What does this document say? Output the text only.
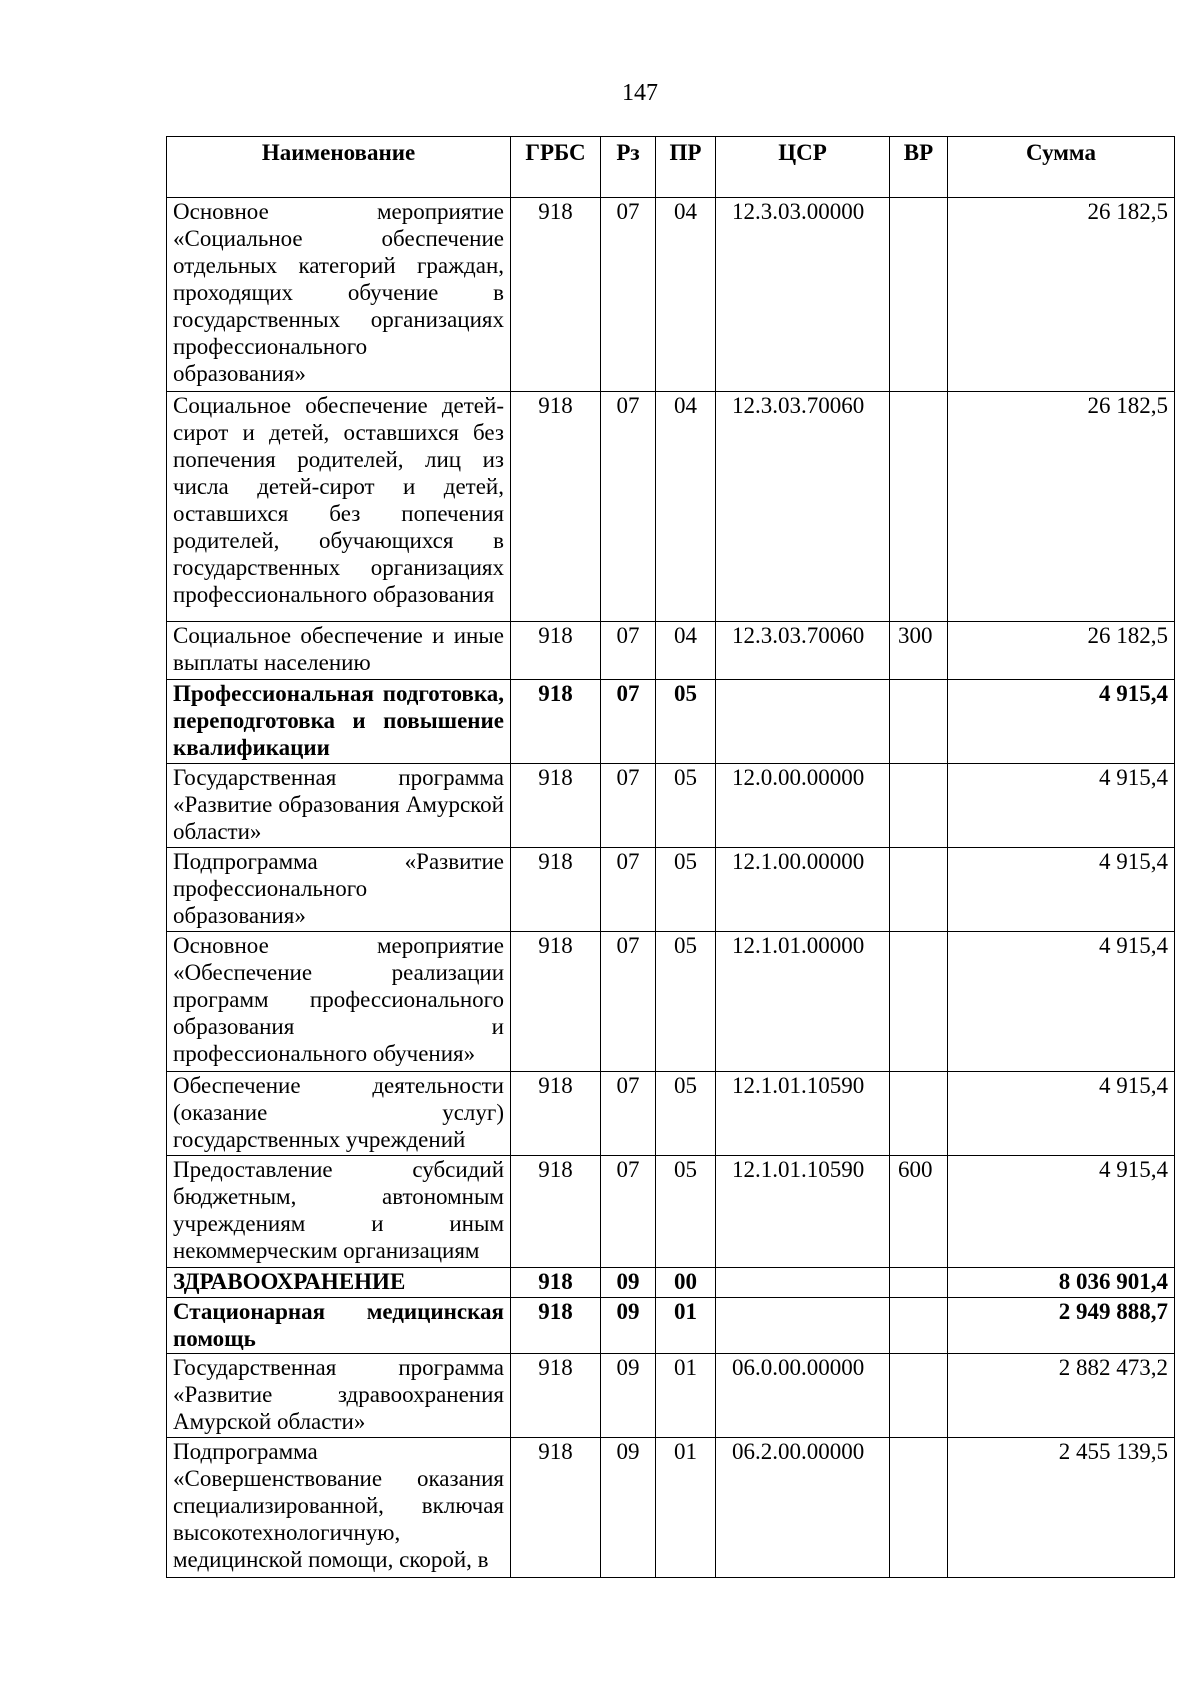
147
Наименование	ГРБС	Рз	ПР	ЦСР	ВР	Сумма
Основное мероприятие «Социальное обеспечение отдельных категорий граждан, проходящих обучение в государственных организациях профессионального образования»	918	07	04	12.3.03.00000		26 182,5
Социальное обеспечение детей-сирот и детей, оставшихся без попечения родителей, лиц из числа детей-сирот и детей, оставшихся без попечения родителей, обучающихся в государственных организациях профессионального образования	918	07	04	12.3.03.70060		26 182,5
Социальное обеспечение и иные выплаты населению	918	07	04	12.3.03.70060	300	26 182,5
Профессиональная подготовка, переподготовка и повышение квалификации	918	07	05			4 915,4
Государственная программа «Развитие образования Амурской области»	918	07	05	12.0.00.00000		4 915,4
Подпрограмма «Развитие профессионального образования»	918	07	05	12.1.00.00000		4 915,4
Основное мероприятие «Обеспечение реализации программ профессионального образования и профессионального обучения»	918	07	05	12.1.01.00000		4 915,4
Обеспечение деятельности (оказание услуг) государственных учреждений	918	07	05	12.1.01.10590		4 915,4
Предоставление субсидий бюджетным, автономным учреждениям и иным некоммерческим организациям	918	07	05	12.1.01.10590	600	4 915,4
ЗДРАВООХРАНЕНИЕ	918	09	00			8 036 901,4
Стационарная медицинская помощь	918	09	01			2 949 888,7
Государственная программа «Развитие здравоохранения Амурской области»	918	09	01	06.0.00.00000		2 882 473,2
Подпрограмма «Совершенствование оказания специализированной, включая высокотехнологичную, медицинской помощи, скорой, в	918	09	01	06.2.00.00000		2 455 139,5
